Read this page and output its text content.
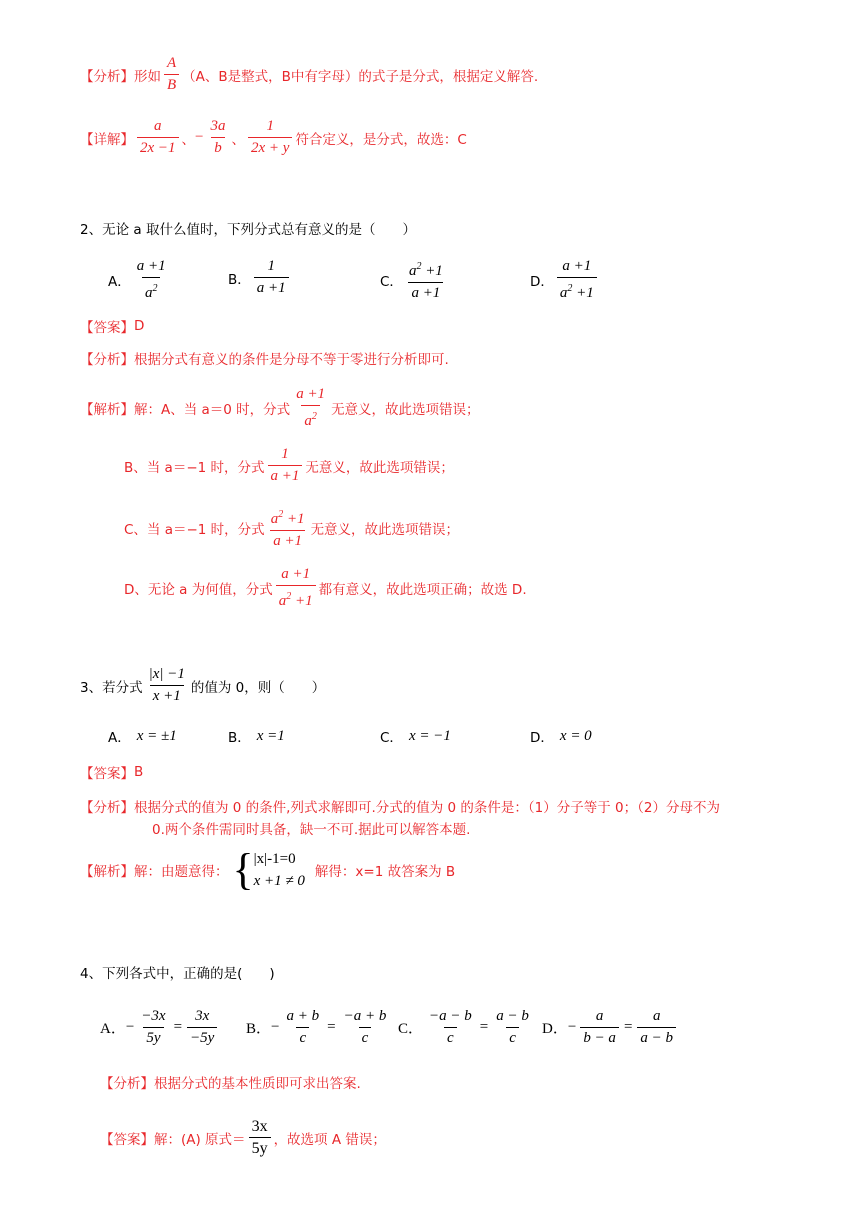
【分析】 形如 $\frac{A}{B} (A$、B是整式，B中有字母）的式子是分式，根据定义解答.
【详解】 $\frac{a}{2x -1}$ 、 − $\frac{3a}{b}$ 、 $\frac{1}{2x + y}$ 符合定义，是分式，故选：C
2、无论 a 取什么值时，下列分式总有意义的是（　　）
A． $\frac{a +1}{a^2}$	B． $\frac{1}{a +1}$	C． $\frac{a^2 +1}{a +1}$	D． $\frac{a +1}{a^2 +1}$
【答案】 D
【分析】 根据分式有意义的条件是分母不等于零进行分析即可.
【解析】 解：A、当 a＝0 时，分式 $\frac{a +1}{a^2}$ 无意义，故此选项错误；
B、当 a＝−1 时，分式 $\frac{1}{a +1}$ 无意义，故此选项错误；
C、当 a＝−1 时，分式 $\frac{a^2 +1}{a +1}$ 无意义，故此选项错误；
D、无论 a 为何值，分式 $\frac{a +1}{a^2 +1}$ 都有意义，故此选项正确；故选 D.
3、若分式 $\frac{|x| -1}{x +1}$ 的值为 0，则（　　）
A． x = ±1	B． x =1	C． x = −1	D． x = 0
【答案】 B
【分析】 根据分式的值为 0 的条件,列式求解即可.分式的值为 0 的条件是：（1）分子等于 0；（2）分母不为
0.两个条件需同时具备，缺一不可.据此可以解答本题.
【解析】 解：由题意得： { |x|-1=0
x +1 ≠ 0
解得：x=1 故答案为 B
4、下列各式中，正确的是(　　)
A． − $\frac{-3x}{5y} = \frac{3x}{-5y}$ B． − $\frac{a + b}{c} = \frac{-a + b}{c}$ C． $\frac{-a - b}{c} = \frac{a - b}{c}$ D． − $\frac{a}{b - a} = \frac{a}{a - b}$
【分析】 根据分式的基本性质即可求出答案.
【答案】 解：(A) 原式＝ $\frac{3x}{5y}$ ，故选项 A 错误；
